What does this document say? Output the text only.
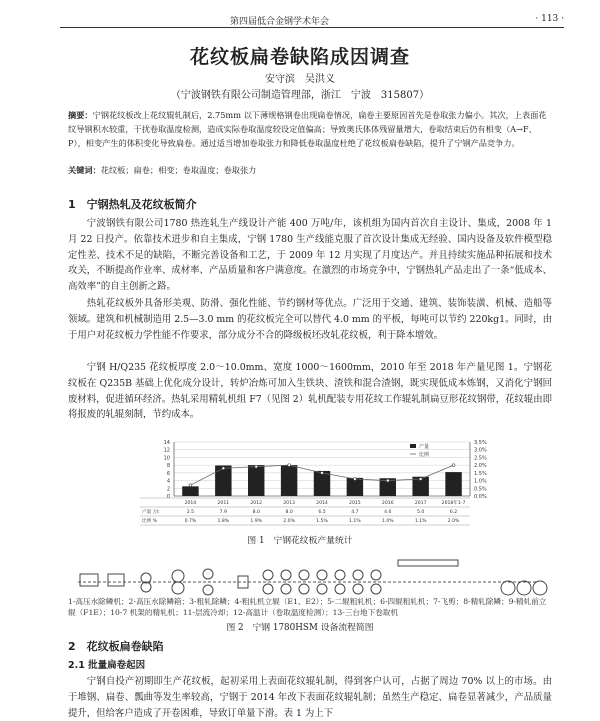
第四届低合金钢学术年会	· 113 ·
花纹板扁卷缺陷成因调查
安守滨　吴洪义
（宁波钢铁有限公司制造管理部，浙江　宁波　315807）
摘要：宁钢花纹板改上花纹辊轧制后，2.75mm 以下薄规格钢卷出现扁卷情况，扁卷主要原因首先是卷取张力偏小。其次，上表面花纹导钢积水较重，干扰卷取温度检测，造成实际卷取温度较设定值偏高；导致奥氏体体残留量增大，卷取结束后仍有相变（A→F、P），相变产生的体积变化导致扁卷。通过适当增加卷取张力和降低卷取温度杜绝了花纹板扁卷缺陷，提升了宁钢产品竞争力。
关键词：花纹板；扁卷；相变；卷取温度；卷取张力
1　宁钢热轧及花纹板简介
宁波钢铁有限公司1780 热连轧生产线设计产能 400 万吨/年，该机组为国内首次自主设计、集成，2008 年 1 月 22 日投产。依靠技术进步和自主集成，宁钢 1780 生产线能克服了首次设计集成无经验、国内设备及软件模型稳定性差、技术不足的缺陷，不断完善设备和工艺，于 2009 年 12 月实现了月度达产。并且持续实施品种拓展和技术攻关，不断提高作业率、成材率、产品质量和客户满意度。在激烈的市场竞争中，宁钢热轧产品走出了一条“低成本、高效率”的自主创新之路。
热轧花纹板外具备形美观、防滑、强化性能、节约钢材等优点。广泛用于交通、建筑、装饰装潢、机械、造船等领域。建筑和机械制造用 2.5—3.0 mm 的花纹板完全可以替代 4.0 mm 的平板，每吨可以节约 220kg1。同时，由于用户对花纹板力学性能不作要求，部分成分不合的降级板坯改轧花纹板，利于降本增效。
宁钢 H/Q235 花纹板厚度 2.0～10.0mm、宽度 1000～1600mm，2010 年至 2018 年产量见图 1。宁钢花纹板在 Q235B 基础上优化成分设计，转炉冶炼可加入生铁块、渣铁和混合渣钢，既实现低成本炼钢，又消化宁钢回废材料，促进循环经济。热轧采用精轧机组 F7（见图 2）轧机配装专用花纹工作辊轧制扁豆形花纹钢带，花纹辊由即将报废的轧辊刻制，节约成本。
0
2
4
6
8
10
12
14
0.0%
0.5%
1.0%
1.5%
2.0%
2.5%
3.0%
3.5%
产量
比例
2010	2011	2012	2013	2014	2015	2016	2017	2018年1-7
2.5	7.9	8.0	8.0	6.5	4.7	4.6	5.0	6.2
0.7%	1.8%	1.9%	2.0%	1.5%	1.1%	1.0%	1.1%	2.0%
产量 万t
比例 %
图 1　宁钢花纹板产量统计
1-高压水除鳞机；2-高压水除鳞箱；3-粗轧除鳞；4-粗轧机立辊（E1、E2）；5-二辊粗轧机；6-四辊粗轧机；7-飞剪；8-精轧除鳞；9-精轧前立辊（F1E）；10-7 机架的精轧机；11-层流冷却；12-高温计（卷取温度检测）；13-三台地下卷取机
图 2　宁钢 1780HSM 设备流程简图
2　花纹板扁卷缺陷
2.1 批量扁卷起因
宁钢自投产初期即生产花纹板，起初采用上表面花纹辊轧制，得到客户认可，占据了周边 70% 以上的市场。由于堆钢、扁卷、瓢曲等发生率较高，宁钢于 2014 年改下表面花纹辊轧制；虽然生产稳定、扁卷显著减少，产品质量提升，但给客户造成了开卷困难，导致订单量下滑。表 1 为上下
